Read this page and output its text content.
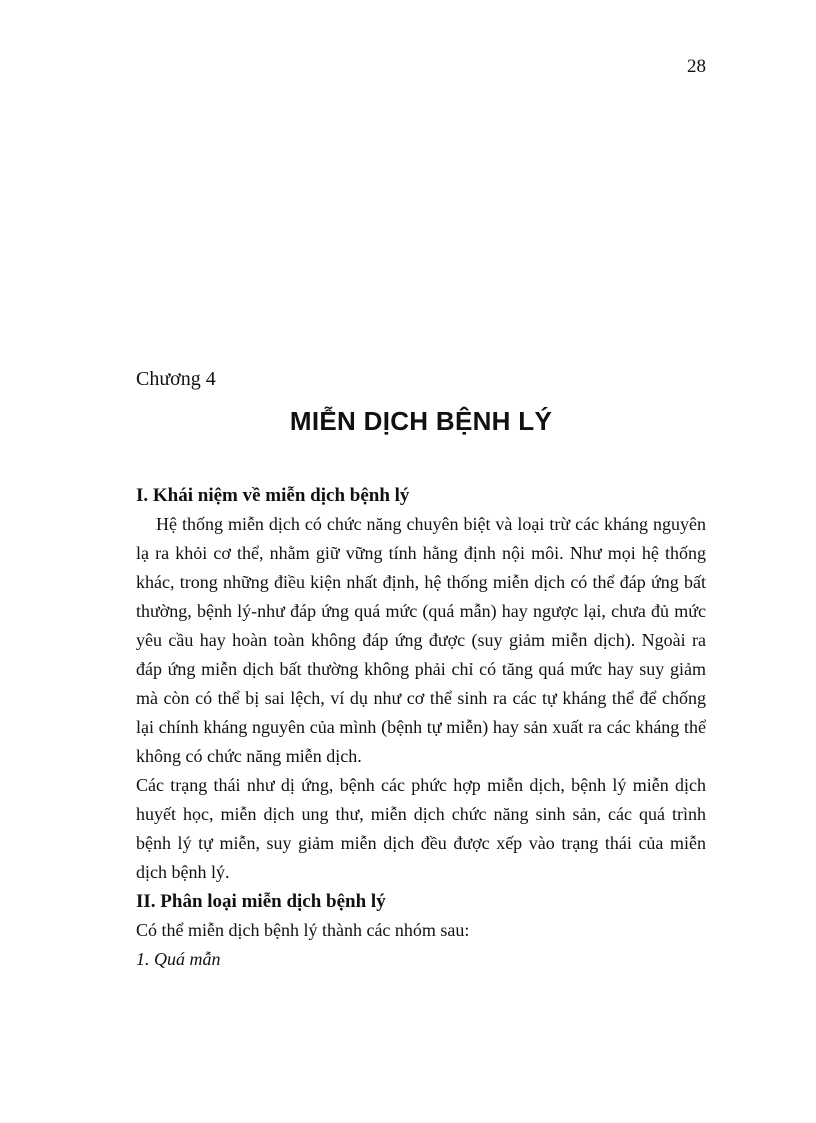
28
Chương 4
MIỄN DỊCH BỆNH LÝ
I. Khái niệm về miễn dịch bệnh lý

Hệ thống miễn dịch có chức năng chuyên biệt và loại trừ các kháng nguyên lạ ra khỏi cơ thể, nhằm giữ vững tính hằng định nội môi. Như mọi hệ thống khác, trong những điều kiện nhất định, hệ thống miễn dịch có thể đáp ứng bất thường, bệnh lý-như đáp ứng quá mức (quá mẫn) hay ngược lại, chưa đủ mức yêu cầu hay hoàn toàn không đáp ứng được (suy giảm miễn dịch). Ngoài ra đáp ứng miễn dịch bất thường không phải chỉ có tăng quá mức hay suy giảm mà còn có thể bị sai lệch, ví dụ như cơ thể sinh ra các tự kháng thể để chống lại chính kháng nguyên của mình (bệnh tự miễn) hay sản xuất ra các kháng thể không có chức năng miễn dịch.

Các trạng thái như dị ứng, bệnh các phức hợp miễn dịch, bệnh lý miễn dịch huyết học, miễn dịch ung thư, miễn dịch chức năng sinh sản, các quá trình bệnh lý tự miễn, suy giảm miễn dịch đều được xếp vào trạng thái của miễn dịch bệnh lý.

II. Phân loại miễn dịch bệnh lý

Có thể miễn dịch bệnh lý thành các nhóm sau:

1. Quá mẫn
